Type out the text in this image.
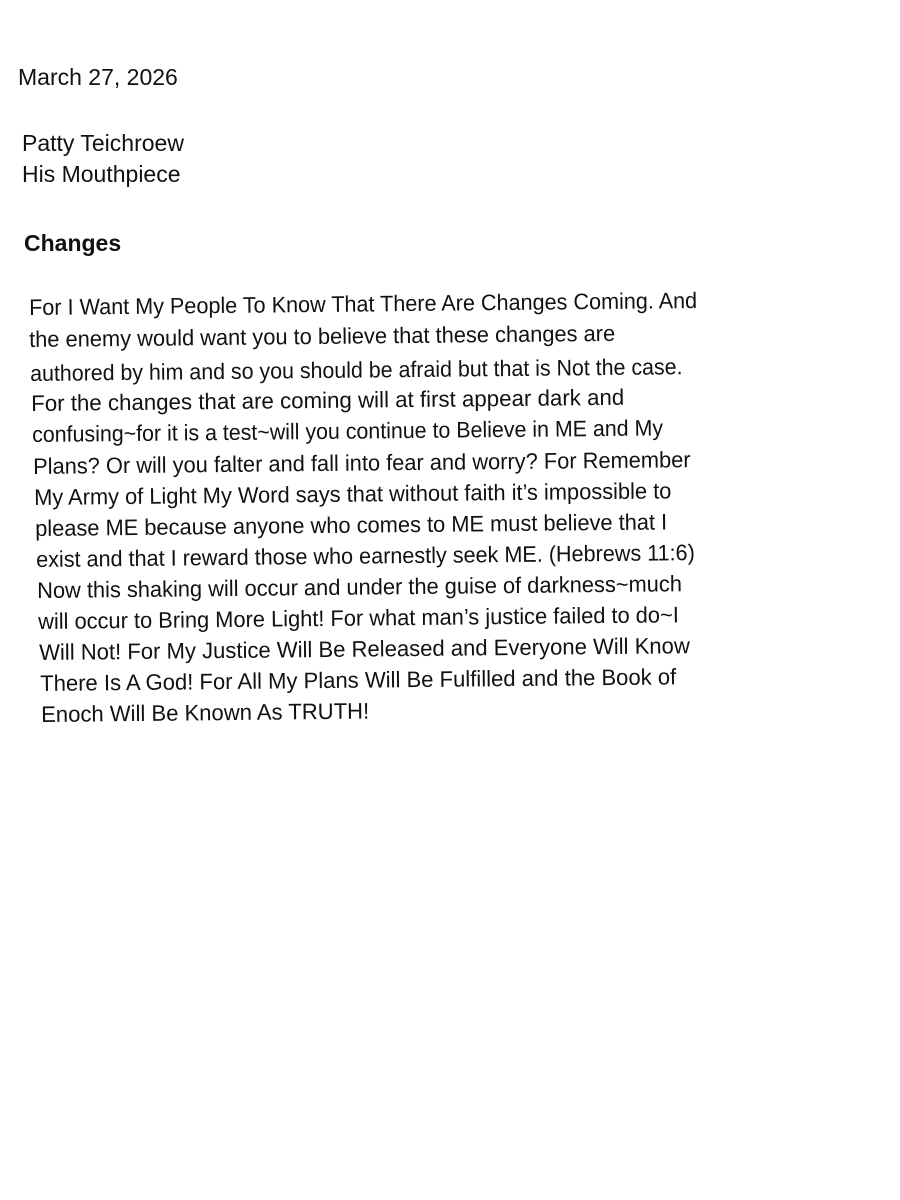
March 27, 2026
Patty Teichroew
His Mouthpiece
Changes
For I Want My People To Know That There Are Changes Coming. And
the enemy would want you to believe that these changes are
authored by him and so you should be afraid but that is Not the case.
For the changes that are coming will at first appear dark and
confusing~for it is a test~will you continue to Believe in ME and My
Plans? Or will you falter and fall into fear and worry? For Remember
My Army of Light My Word says that without faith it’s impossible to
please ME because anyone who comes to ME must believe that I
exist and that I reward those who earnestly seek ME. (Hebrews 11:6)
Now this shaking will occur and under the guise of darkness~much
will occur to Bring More Light! For what man’s justice failed to do~I
Will Not! For My Justice Will Be Released and Everyone Will Know
There Is A God! For All My Plans Will Be Fulfilled and the Book of
Enoch Will Be Known As TRUTH!
